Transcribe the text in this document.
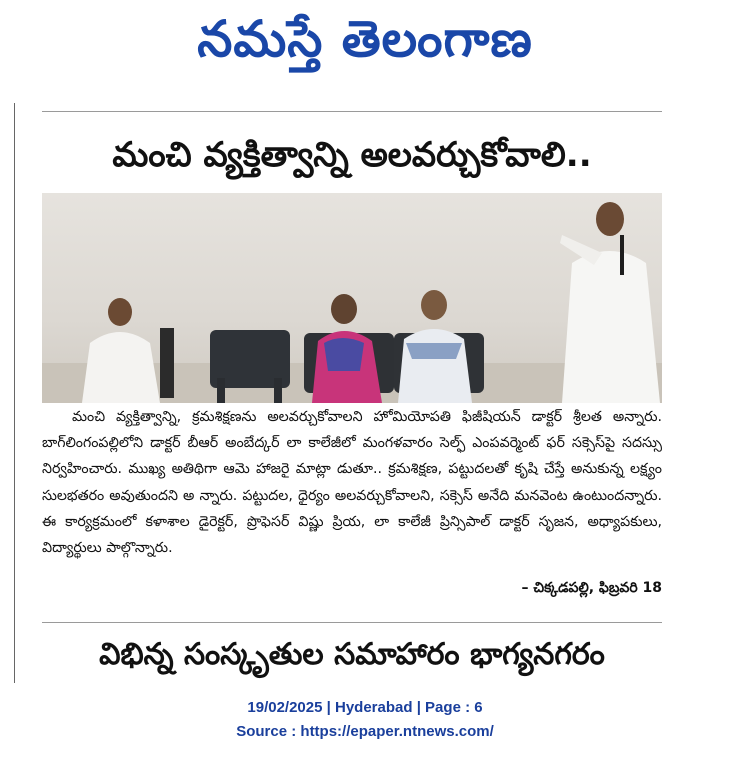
నమస్తే తెలంగాణ
మంచి వ్యక్తిత్వాన్ని అలవర్చుకోవాలి..

మంచి వ్యక్తిత్వాన్ని, క్రమశిక్షణను అలవర్చుకోవాలని హోమియోపతి ఫిజీషియన్ డాక్టర్ శ్రీలత అన్నారు. బాగ్‌లింగంపల్లిలోని డాక్టర్ బీఆర్ అంబేద్కర్ లా కాలేజీలో మంగళవారం సెల్ఫ్ ఎంపవర్మెంట్ ఫర్ సక్సెస్‌పై సదస్సు నిర్వహించారు. ముఖ్య అతిథిగా ఆమె హాజరై మాట్లా డుతూ.. క్రమశిక్షణ, పట్టుదలతో కృషి చేస్తే అనుకున్న లక్ష్యం సులభతరం అవుతుందని అ న్నారు. పట్టుదల, ధైర్యం అలవర్చుకోవాలని, సక్సెస్ అనేది మనవెంట ఉంటుందన్నారు. ఈ కార్యక్రమంలో కళాశాల డైరెక్టర్, ప్రొఫెసర్ విష్ణు ప్రియ, లా కాలేజీ ప్రిన్సిపాల్ డాక్టర్ సృజన, అధ్యాపకులు, విద్యార్థులు పాల్గొన్నారు.

– చిక్కడపల్లి, ఫిబ్రవరి 18
విభిన్న సంస్కృతుల సమాహారం భాగ్యనగరం
19/02/2025 | Hyderabad | Page : 6
Source : https://epaper.ntnews.com/
